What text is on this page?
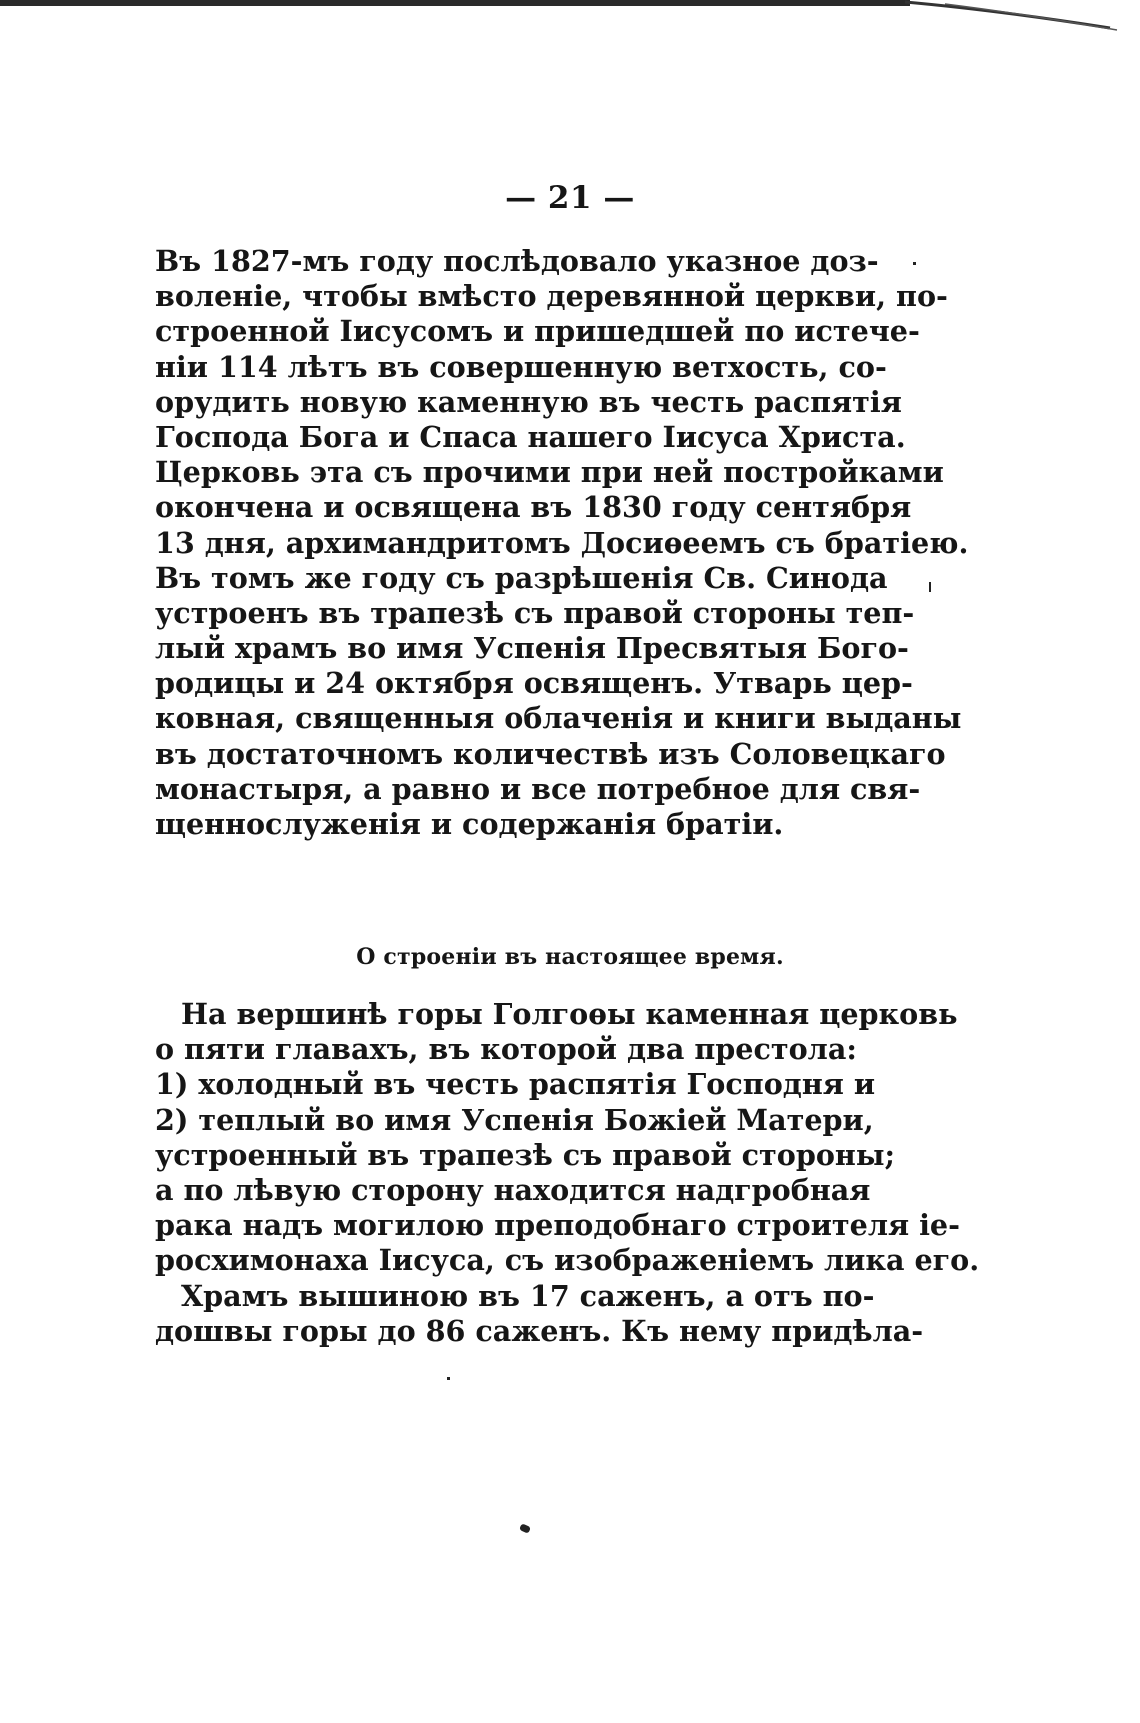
— 21 —
Въ 1827-мъ году послѣдовало указное дoз-
воленіе, чтобы вмѣсто деревянной церкви, по-
строенной Іисусомъ и пришедшей по истече-
ніи 114 лѣтъ въ совершенную ветхость, со-
орудить новую каменную въ честь распятія
Господа Бога и Спаса нашего Іисуса Христа.
Церковь эта съ прочими при ней постройками
окончена и освящена въ 1830 году сентября
13 дня, архимандритомъ Досиѳеемъ съ братіею.
Въ томъ же году съ разрѣшенія Св. Синода
устроенъ въ трапезѣ съ правой стороны теп-
лый храмъ во имя Успенія Пресвятыя Бого-
родицы и 24 октября освященъ. Утварь цер-
ковная, священныя облаченія и книги выданы
въ достаточномъ количествѣ изъ Соловецкаго
монастыря, а равно и все потребное для свя-
щеннослуженія и содержанія братіи.
О строеніи въ настоящее время.
На вершинѣ горы Голгоѳы каменная церковь
о пяти главахъ, въ которой два престола:
1) холодный въ честь распятія Господня и
2) теплый во имя Успенія Божіей Матери,
устроенный въ трапезѣ съ правой стороны;
а по лѣвую сторону находится надгробная
рака надъ могилою преподобнаго строителя іе-
росхимонаха Іисуса, съ изображеніемъ лика его.
Храмъ вышиною въ 17 саженъ, а отъ по-
дошвы горы до 86 саженъ. Къ нему придѣла-
